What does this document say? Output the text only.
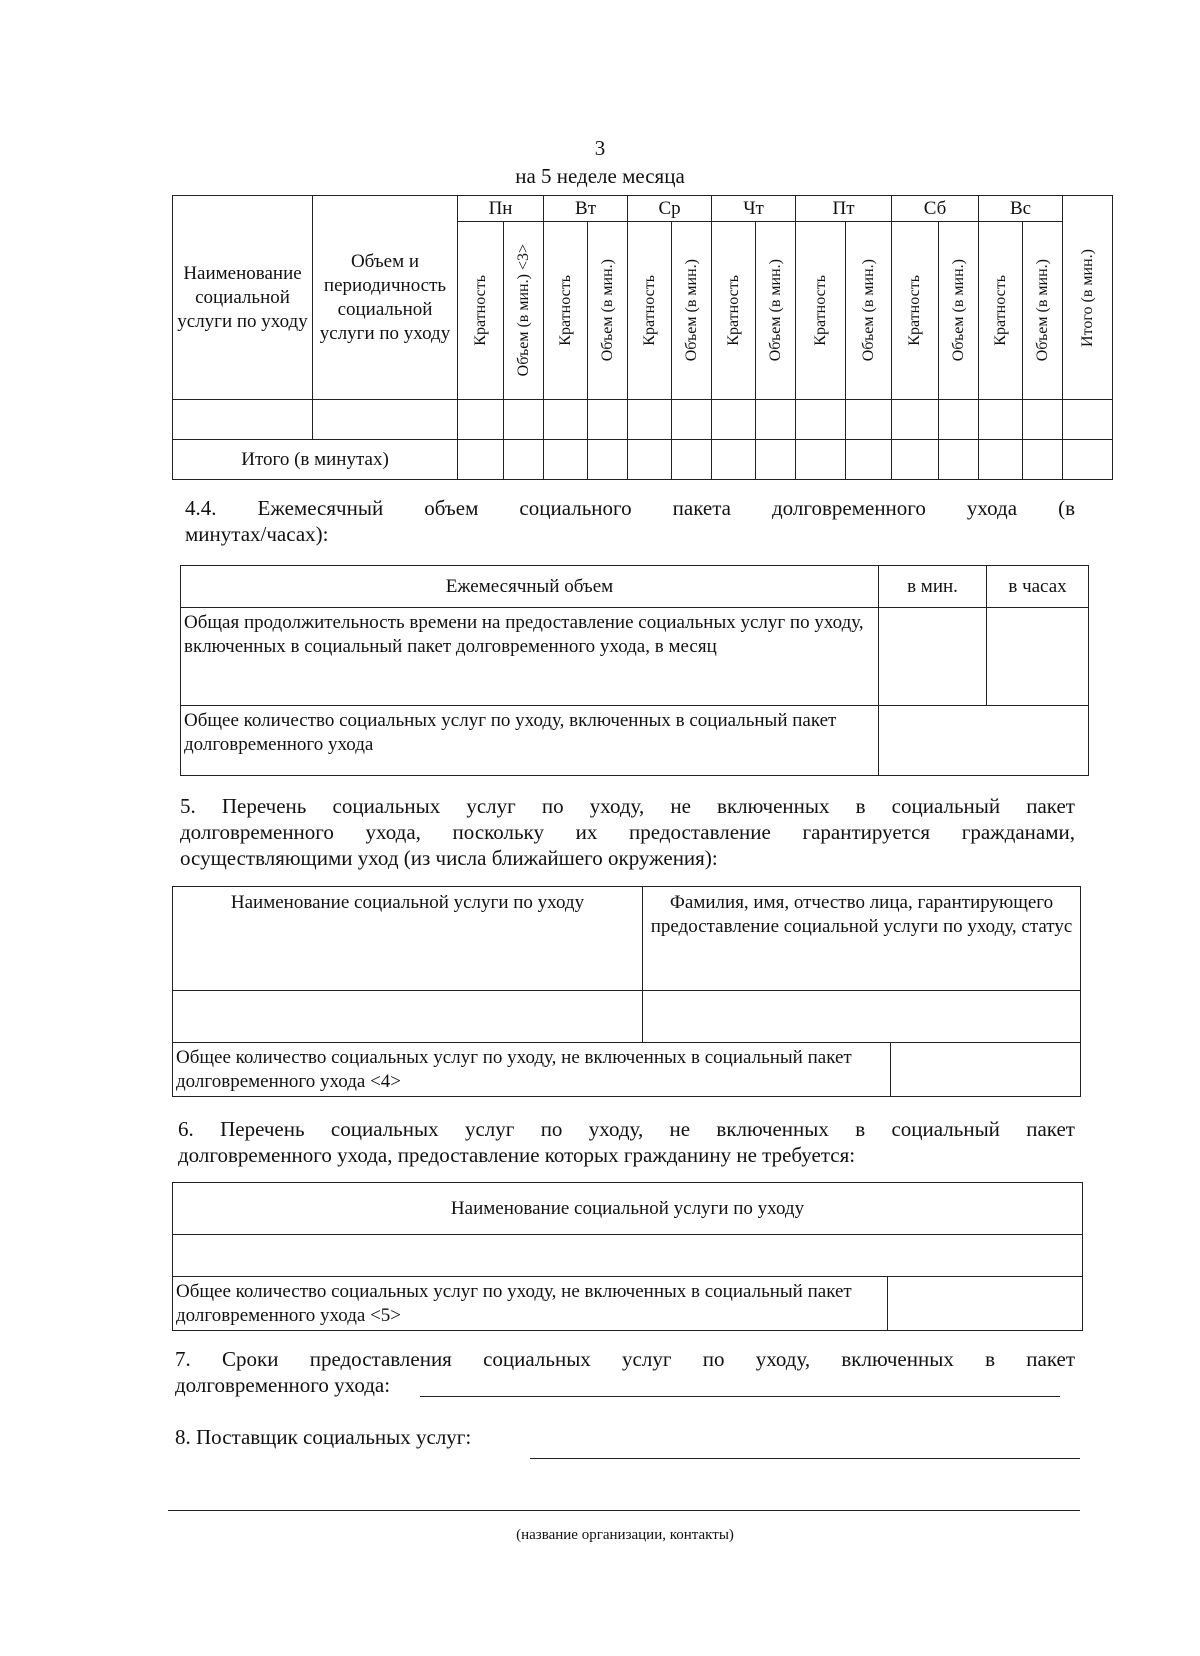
3
на 5 неделе месяца
Наименование социальной услуги по уходу	Объем и периодичность социальной услуги по уходу	Пн		Вт		Ср		Чт		Пт		Сб		Вс		Итого (в мин.)

		Кратность	Объем (в мин.) <3>	Кратность	Объем (в мин.)	Кратность	Объем (в мин.)	Кратность	Объем (в мин.)	Кратность	Объем (в мин.)	Кратность	Объем (в мин.)	Кратность	Объем (в мин.)	

Итого (в минутах)																
4.4. Ежемесячный объем социального пакета долговременного ухода (в
минутах/часах):
Ежемесячный объем	в мин.	в часах
Общая продолжительность времени на предоставление социальных услуг по уходу, включенных в социальный пакет долговременного ухода, в месяц		
Общее количество социальных услуг по уходу, включенных в социальный пакет долговременного ухода		
5. Перечень социальных услуг по уходу, не включенных в социальный пакет
долговременного ухода, поскольку их предоставление гарантируется гражданами,
осуществляющими уход (из числа ближайшего окружения):
Наименование социальной услуги по уходу	Фамилия, имя, отчество лица, гарантирующего предоставление социальной услуги по уходу, статус	

Общее количество социальных услуг по уходу, не включенных в социальный пакет долговременного ухода <4>		
6. Перечень социальных услуг по уходу, не включенных в социальный пакет
долговременного ухода, предоставление которых гражданину не требуется:
Наименование социальной услуги по уходу

Общее количество социальных услуг по уходу, не включенных в социальный пакет долговременного ухода <5>	
7. Сроки предоставления социальных услуг по уходу, включенных в пакет
долговременного ухода:
8. Поставщик социальных услуг:
(название организации, контакты)
